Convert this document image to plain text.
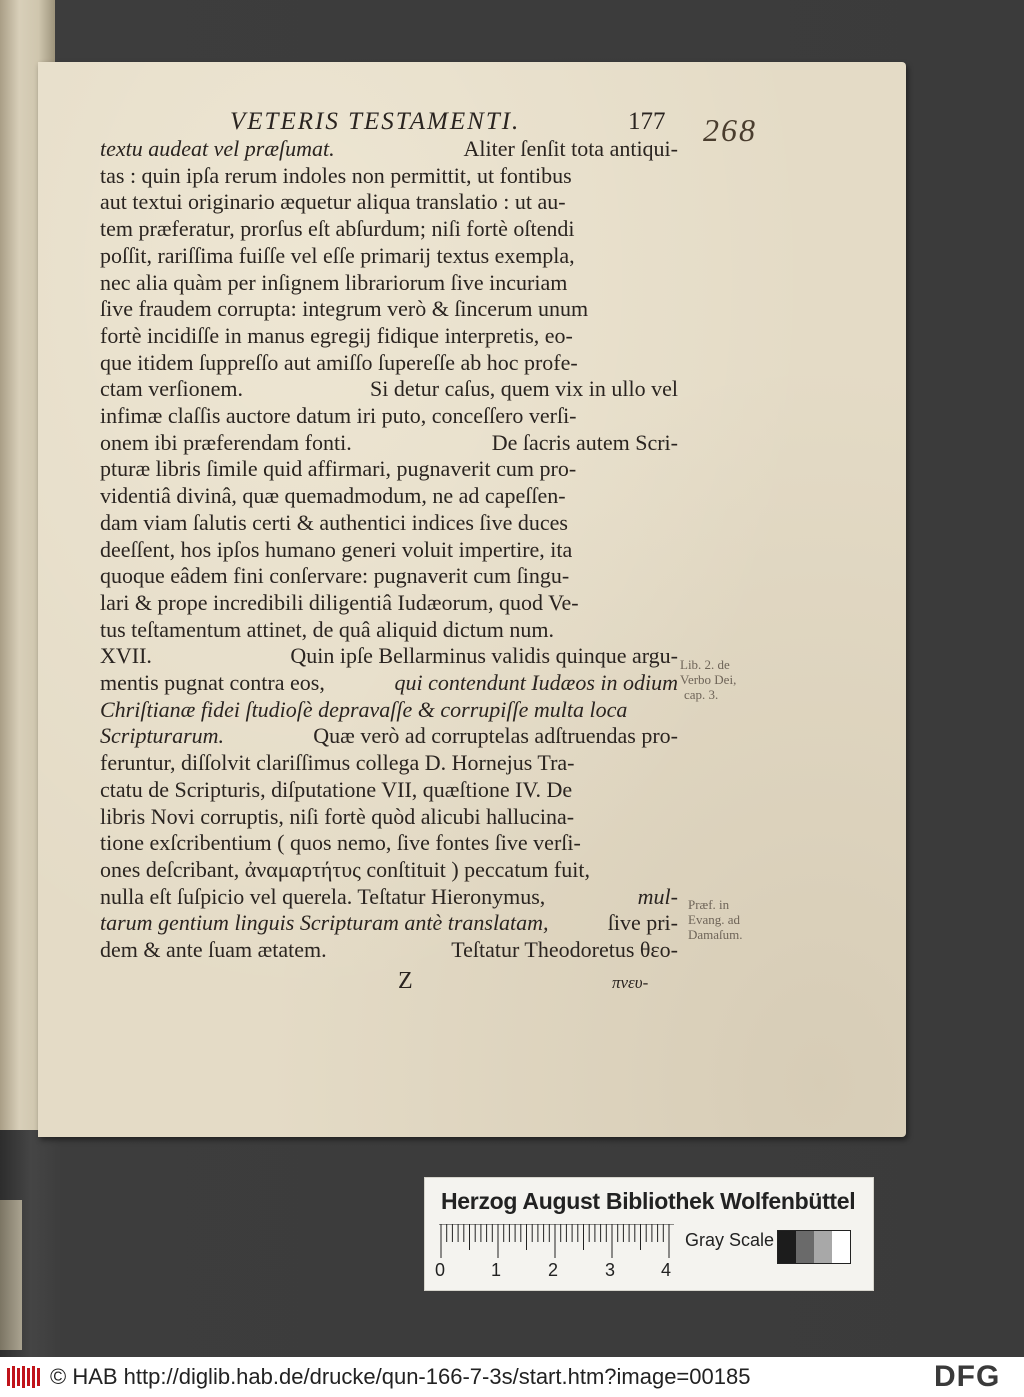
VETERIS TESTAMENTI.	177 268
textu audeat vel præſumat.	Aliter ſenſit tota antiqui-
tas : quin ipſa rerum indoles non permittit, ut fontibus
aut textui originario æquetur aliqua translatio : ut au-
tem præferatur, prorſus eſt abſurdum; niſi fortè oſtendi
poſſit, rariſſima fuiſſe vel eſſe primarij textus exempla,
nec alia quàm per inſignem librariorum ſive incuriam
ſive fraudem corrupta: integrum verò & ſincerum unum
fortè incidiſſe in manus egregij fidique interpretis, eo-
que itidem ſuppreſſo aut amiſſo ſupereſſe ab hoc profe-
ctam verſionem.	Si detur caſus, quem vix in ullo vel
infimæ claſſis auctore datum iri puto, conceſſero verſi-
onem ibi præferendam fonti.	De ſacris autem Scri-
pturæ libris ſimile quid affirmari, pugnaverit cum pro-
videntiâ divinâ, quæ quemadmodum, ne ad capeſſen-
dam viam ſalutis certi & authentici indices ſive duces
deeſſent, hos ipſos humano generi voluit impertire, ita
quoque eâdem fini conſervare: pugnaverit cum ſingu-
lari & prope incredibili diligentiâ Iudæorum, quod Ve-
tus teſtamentum attinet, de quâ aliquid dictum num.
XVII.	Quin ipſe Bellarminus validis quinque argu-
mentis pugnat contra eos,	qui contendunt Iudæos in odium
Chriſtianæ fidei ſtudioſè depravaſſe & corrupiſſe multa loca
Scripturarum.	Quæ verò ad corruptelas adſtruendas pro-
feruntur, diſſolvit clariſſimus collega D. Hornejus Tra-
ctatu de Scripturis, diſputatione VII, quæſtione IV. De
libris Novi corruptis, niſi fortè quòd alicubi hallucina-
tione exſcribentium ( quos nemo, ſive fontes ſive verſi-
ones deſcribant, ἀναμαρτήτυς conſtituit ) peccatum fuit,
nulla eſt ſuſpicio vel querela. Teſtatur Hieronymus,	mul-
tarum gentium linguis Scripturam antè translatam,	ſive pri-
dem & ante ſuam ætatem.	Teſtatur Theodoretus θεο-
Lib. 2. de
Verbo Dei,
cap. 3.
Præf. in
Evang. ad
Damaſum.
Z	πνευ-
Herzog August Bibliothek Wolfenbüttel
0	1	2	3	4
Gray Scale
© HAB http://diglib.hab.de/drucke/qun-166-7-3s/start.htm?image=00185	DFG
